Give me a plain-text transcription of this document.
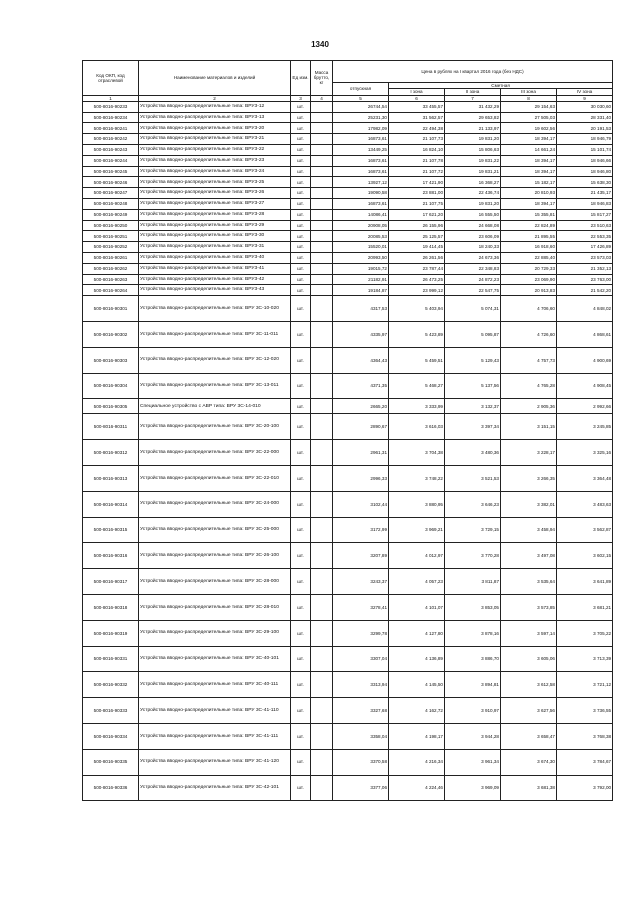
1340
Код ОКП, код отраслевой	Наименование материалов и изделий	Ед изм.	Масса брутто, кг	Цена в рублях на I квартал 2016 года (без НДС)				
				отпускная	Сметная			
					I зона	II зона	III зона	IV зона
1	2	3	4	5	6	7	8	9
500-8016-90233	Устройства вводно-распределительные типа: ВРУ3-12	шт.		26744,54	33 455,57	31 432,29	29 154,63	30 030,60
500-8016-90234	Устройства вводно-распределительные типа: ВРУ3-13	шт.		25231,30	31 562,57	29 653,82	27 505,03	28 331,40
500-8016-90241	Устройства вводно-распределительные типа: ВРУ3-20	шт.		17982,09	22 494,38	21 133,97	19 602,56	20 191,53
500-8016-90242	Устройства вводно-распределительные типа: ВРУ3-21	шт.		16873,61	21 107,73	19 831,20	18 394,17	18 946,79
500-8016-90243	Устройства вводно-распределительные типа: ВРУ3-22	шт.		13449,25	16 824,10	15 806,63	14 661,24	15 101,74
500-8016-90244	Устройства вводно-распределительные типа: ВРУ3-23	шт.		16873,61	21 107,78	19 831,22	18 394,17	18 946,66
500-8016-90245	Устройства вводно-распределительные типа: ВРУ3-24	шт.		16873,61	21 107,72	19 831,21	18 394,17	18 946,80
500-8016-90246	Устройства вводно-распределительные типа: ВРУ3-25	шт.		13927,12	17 421,90	16 368,27	15 182,17	15 638,30
500-8016-90247	Устройства вводно-распределительные типа: ВРУ3-26	шт.		19090,58	23 881,00	22 436,74	20 810,93	21 435,17
500-8016-90248	Устройства вводно-распределительные типа: ВРУ3-27	шт.		16873,61	21 107,75	19 831,20	18 394,17	18 946,83
500-8016-90249	Устройства вводно-распределительные типа: ВРУ3-28	шт.		14086,41	17 621,20	16 555,50	15 355,81	15 817,27
500-8016-90250	Устройства вводно-распределительные типа: ВРУ3-29	шт.		20908,05	26 155,96	24 668,08	22 824,89	23 510,63
500-8016-90251	Устройства вводно-распределительные типа: ВРУ3-30	шт.		20085,53	25 125,57	23 606,09	21 895,55	22 553,35
500-8016-90252	Устройства вводно-распределительные типа: ВРУ3-31	шт.		15520,01	19 414,45	18 240,33	16 918,60	17 426,89
500-8016-90261	Устройства вводно-распределительные типа: ВРУ3-40	шт.		20993,50	26 261,56	24 673,36	22 885,40	23 573,03
500-8016-90262	Устройства вводно-распределительные типа: ВРУ3-41	шт.		19015,72	23 787,44	22 348,83	20 729,33	21 352,13
500-8016-90263	Устройства вводно-распределительные типа: ВРУ3-42	шт.		21182,91	26 473,25	24 872,23	23 069,90	23 763,00
500-8016-90264	Устройства вводно-распределительные типа: ВРУ3-43	шт.		19184,87	23 999,12	22 547,75	20 913,83	21 542,20
500-8016-90301	Устройства вводно-распределительные типа: ВРУ 3С-10-020	шт.		4317,53	5 403,94	5 074,31	4 706,60	4 848,02
500-8016-90302	Устройства вводно-распределительные типа: ВРУ 3С-11-011	шт.		4335,97	5 423,89	5 095,87	4 726,60	4 868,61
500-8016-90303	Устройства вводно-распределительные типа: ВРУ 3С-12-020	шт.		4364,43	5 459,51	5 129,43	4 757,73	4 900,69
500-8016-90304	Устройства вводно-распределительные типа: ВРУ 3С-13-011	шт.		4371,35	5 468,27	5 137,56	4 765,28	4 908,45
500-8016-90305	Специальное устройство с АВР типа: ВРУ 3С-14-010	шт.		2665,20	3 333,99	3 132,37	2 905,36	2 992,66
500-8016-90311	Устройства вводно-распределительные типа: ВРУ 3С-20-100	шт.		2890,67	3 616,03	3 397,34	3 151,15	3 245,85
500-8016-90312	Устройства вводно-распределительные типа: ВРУ 3С-22-000	шт.		2961,31	3 704,38	3 480,36	3 228,17	3 325,16
500-8016-90313	Устройства вводно-распределительные типа: ВРУ 3С-22-010	шт.		2996,33	3 748,22	3 521,53	3 266,35	3 364,48
500-8016-90314	Устройства вводно-распределительные типа: ВРУ 3С-24-000	шт.		3102,44	3 880,95	3 646,23	3 382,01	3 483,63
500-8016-90315	Устройства вводно-распределительные типа: ВРУ 3С-25-000	шт.		3172,99	3 969,21	3 729,15	3 458,94	3 562,87
500-8016-90316	Устройства вводно-распределительные типа: ВРУ 3С-26-100	шт.		3207,89	4 012,97	3 770,28	3 497,08	3 602,15
500-8016-90317	Устройства вводно-распределительные типа: ВРУ 3С-28-000	шт.		3243,37	4 057,23	3 811,87	3 535,64	3 641,89
500-8016-90318	Устройства вводно-распределительные типа: ВРУ 3С-28-010	шт.		3278,41	4 101,07	3 853,05	3 573,85	3 681,21
500-8016-90319	Устройства вводно-распределительные типа: ВРУ 3С-29-100	шт.		3299,78	4 127,80	3 878,16	3 597,14	3 705,22
500-8016-90331	Устройства вводно-распределительные типа: ВРУ 3С-40-101	шт.		3307,04	4 136,89	3 886,70	3 605,06	3 713,39
500-8016-90332	Устройства вводно-распределительные типа: ВРУ 3С-40-111	шт.		3313,94	4 145,50	3 894,81	3 612,58	3 721,12
500-8016-90333	Устройства вводно-распределительные типа: ВРУ 3С-41-110	шт.		3327,68	4 162,72	3 910,97	3 627,56	3 736,55
500-8016-90334	Устройства вводно-распределительные типа: ВРУ 3С-41-111	шт.		3358,04	4 198,17	3 944,28	3 658,47	3 768,38
500-8016-90335	Устройства вводно-распределительные типа: ВРУ 3С-41-120	шт.		3370,58	4 216,34	3 961,34	3 674,30	3 784,67
500-8016-90336	Устройства вводно-распределительные типа: ВРУ 3С-42-101	шт.		3377,06	4 224,46	3 969,09	3 681,38	3 792,00
